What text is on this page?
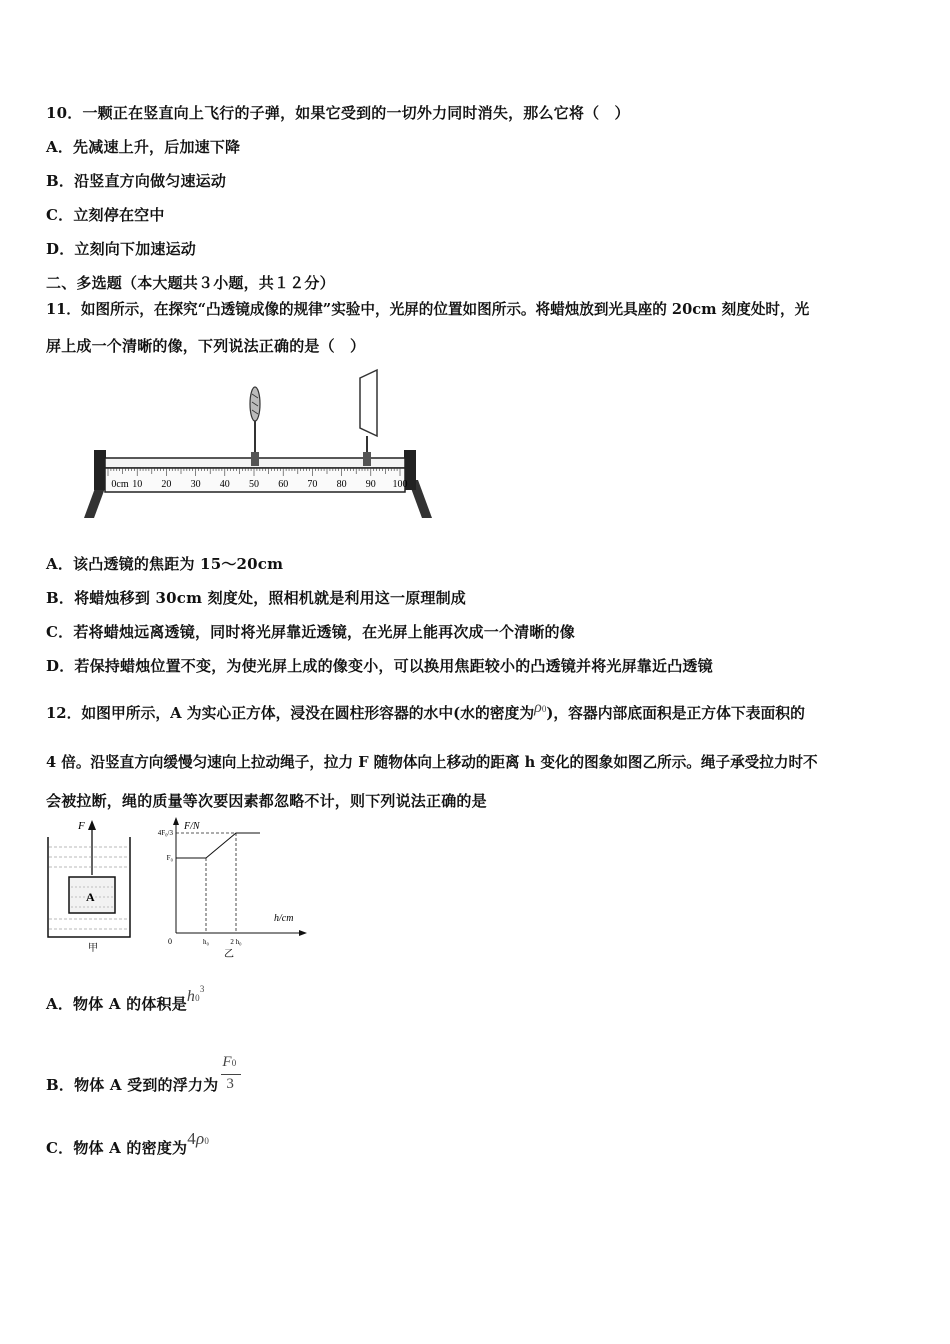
10．一颗正在竖直向上飞行的子弹，如果它受到的一切外力同时消失，那么它将（　）
A．先减速上升，后加速下降
B．沿竖直方向做匀速运动
C．立刻停在空中
D．立刻向下加速运动
二、多选题（本大题共３小题，共１２分）
11．如图所示，在探究“凸透镜成像的规律”实验中，光屏的位置如图所示。将蜡烛放到光具座的 20cm 刻度处时，光
屏上成一个清晰的像，下列说法正确的是（　）
0cm 10 20 30 40 50 60 70 80 90 100
A．该凸透镜的焦距为 15～20cm
B．将蜡烛移到 30cm 刻度处，照相机就是利用这一原理制成
C．若将蜡烛远离透镜，同时将光屏靠近透镜，在光屏上能再次成一个清晰的像
D．若保持蜡烛位置不变，为使光屏上成的像变小，可以换用焦距较小的凸透镜并将光屏靠近凸透镜
12．如图甲所示，A 为实心正方体，浸没在圆柱形容器的水中(水的密度为ρ0)，容器内部底面积是正方体下表面积的
4 倍。沿竖直方向缓慢匀速向上拉动绳子，拉力 F 随物体向上移动的距离 h 变化的图象如图乙所示。绳子承受拉力时不
会被拉断，绳的质量等次要因素都忽略不计，则下列说法正确的是
F
A
甲
F/N
h/cm
0
4F₀/3
F₀
h₀	2 h₀
乙
A．物体 A 的体积是$h0^3$
B．物体 A 受到的浮力为 $\frac{F0}{3}$
C．物体 A 的密度为4ρ0
